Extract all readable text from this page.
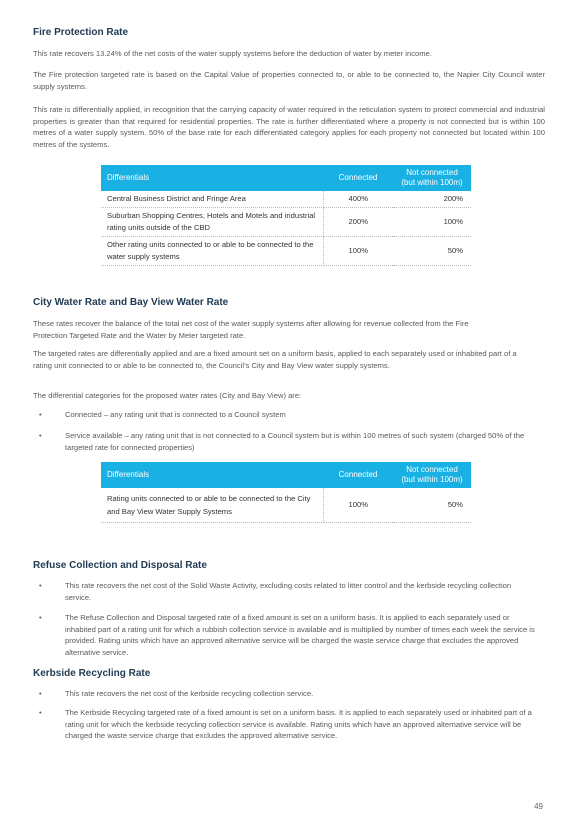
Fire Protection Rate

This rate recovers 13.24% of the net costs of the water supply systems before the deduction of water by meter income.

The Fire protection targeted rate is based on the Capital Value of properties connected to, or able to be connected to, the Napier City Council water supply systems.

This rate is differentially applied, in recognition that the carrying capacity of water required in the reticulation system to protect commercial and industrial properties is greater than that required for residential properties. The rate is further differentiated where a property is not connected but is within 100 metres of a water supply system. 50% of the base rate for each differentiated category applies for each property not connected but located within 100 metres of the systems.

Differentials	Connected	Not connected (but within 100m)
Central Business District and Fringe Area	400%	200%
Suburban Shopping Centres, Hotels and Motels and industrial rating units outside of the CBD	200%	100%
Other rating units connected to or able to be connected to the water supply systems	100%	50%
City Water Rate and Bay View Water Rate

These rates recover the balance of the total net cost of the water supply systems after allowing for revenue collected from the Fire Protection Targeted Rate and the Water by Meter targeted rate.

The targeted rates are differentially applied and are a fixed amount set on a uniform basis, applied to each separately used or inhabited part of a rating unit connected to or able to be connected to, the Council’s City and Bay View water supply systems.

The differential categories for the proposed water rates (City and Bay View) are:

•	Connected – any rating unit that is connected to a Council system
•	Service available – any rating unit that is not connected to a Council system but is within 100 metres of such system (charged 50% of the targeted rate for connected properties)
Differentials	Connected	Not connected (but within 100m)
Rating units connected to or able to be connected to the City and Bay View Water Supply Systems	100%	50%
Refuse Collection and Disposal Rate
•	This rate recovers the net cost of the Solid Waste Activity, excluding costs related to litter control and the kerbside recycling collection service.
•	The Refuse Collection and Disposal targeted rate of a fixed amount is set on a uniform basis. It is applied to each separately used or inhabited part of a rating unit for which a rubbish collection service is available and is multiplied by number of times each week the service is provided. Rating units which have an approved alternative service will be charged the waste service charge that excludes the approved alternative service.
Kerbside Recycling Rate
•	This rate recovers the net cost of the kerbside recycling collection service.
•	The Kerbside Recycling targeted rate of a fixed amount is set on a uniform basis. It is applied to each separately used or inhabited part of a rating unit for which the kerbside recycling collection service is available. Rating units which have an approved alternative service will be charged the waste service charge that excludes the approved alternative service.
49
